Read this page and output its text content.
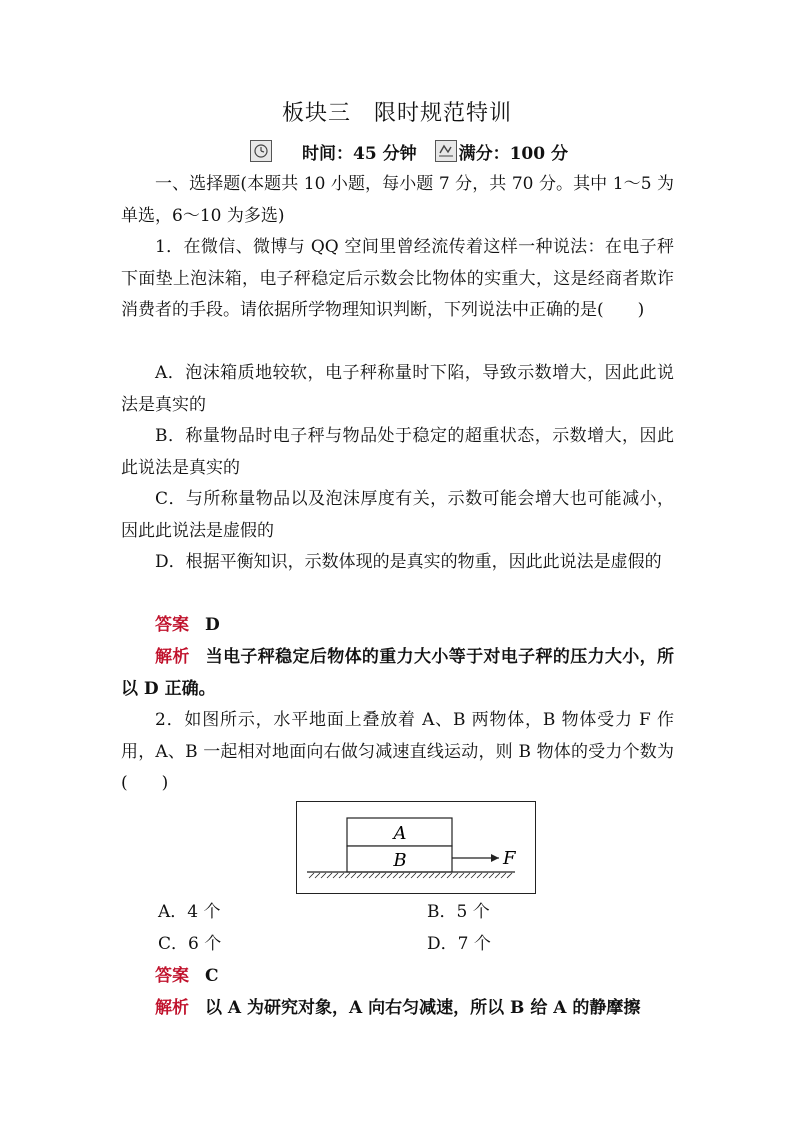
板块三　限时规范特训
时间：45 分钟 满分：100 分
一、选择题(本题共 10 小题，每小题 7 分，共 70 分。其中 1～5 为单选，6～10 为多选)
1．在微信、微博与 QQ 空间里曾经流传着这样一种说法：在电子秤下面垫上泡沫箱，电子秤稳定后示数会比物体的实重大，这是经商者欺诈消费者的手段。请依据所学物理知识判断，下列说法中正确的是(　　)
A．泡沫箱质地较软，电子秤称量时下陷，导致示数增大，因此此说法是真实的
B．称量物品时电子秤与物品处于稳定的超重状态，示数增大，因此此说法是真实的
C．与所称量物品以及泡沫厚度有关，示数可能会增大也可能减小，因此此说法是虚假的
D．根据平衡知识，示数体现的是真实的物重，因此此说法是虚假的
答案 D
解析 当电子秤稳定后物体的重力大小等于对电子秤的压力大小，所以 D 正确。
2．如图所示，水平地面上叠放着 A、B 两物体，B 物体受力 F 作用，A、B 一起相对地面向右做匀减速直线运动，则 B 物体的受力个数为(　　)
A
B	F
A．4 个	B．5 个
C．6 个	D．7 个
答案 C
解析 以 A 为研究对象，A 向右匀减速，所以 B 给 A 的静摩擦
